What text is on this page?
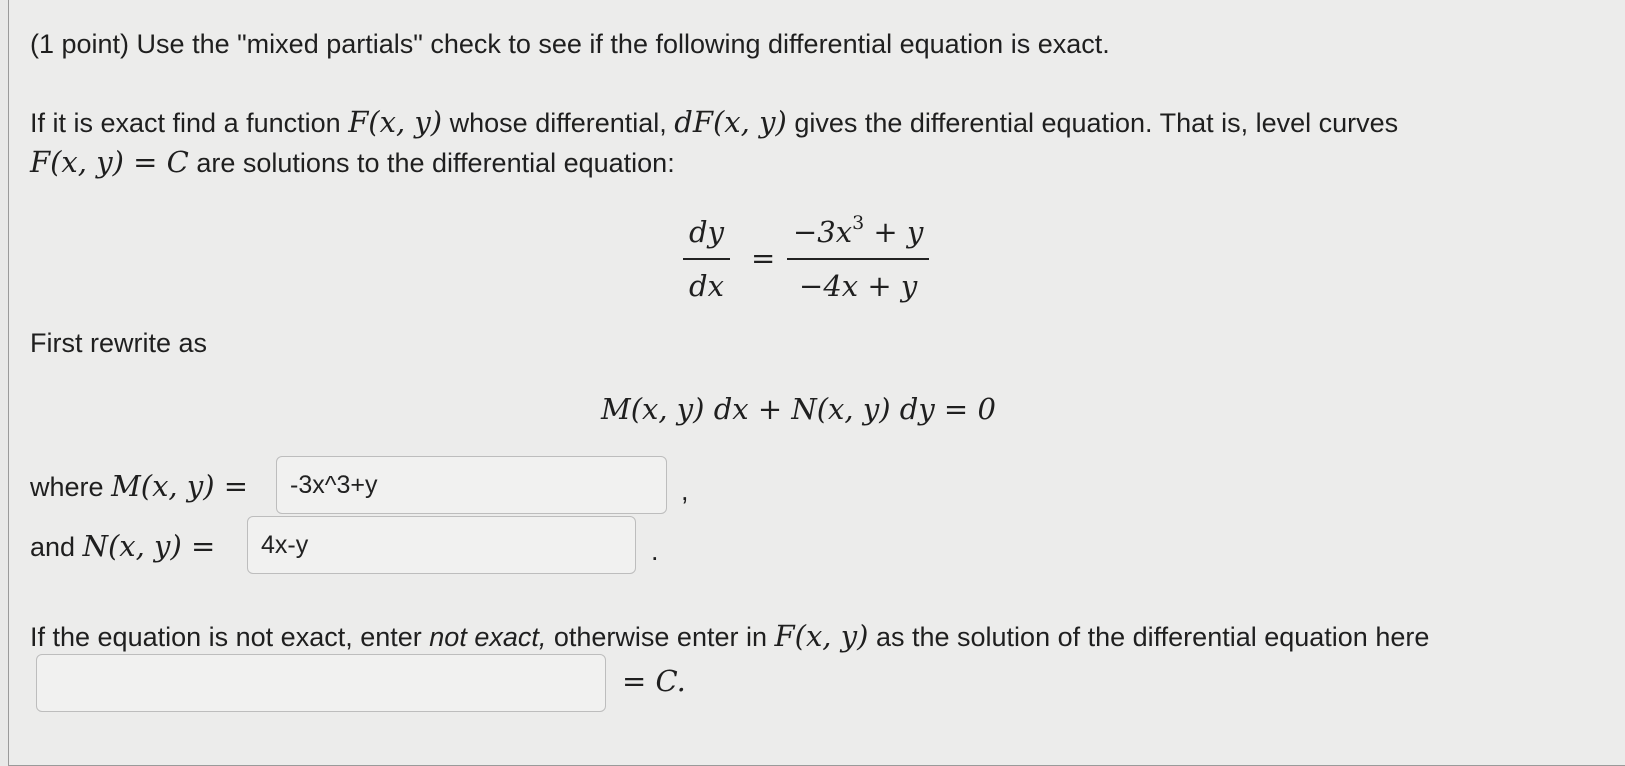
(1 point) Use the "mixed partials" check to see if the following differential equation is exact.
If it is exact find a function F(x, y) whose differential, dF(x, y) gives the differential equation. That is, level curves
F(x, y) = C are solutions to the differential equation:
dy
dx
=
$-3x^3 + y$
−4x + y
First rewrite as
M(x, y) dx + N(x, y) dy = 0
where M(x, y) =
-3x^3+y	,
and N(x, y) =
4x-y	.
If the equation is not exact, enter not exact, otherwise enter in F(x, y) as the solution of the differential equation here
= C.
